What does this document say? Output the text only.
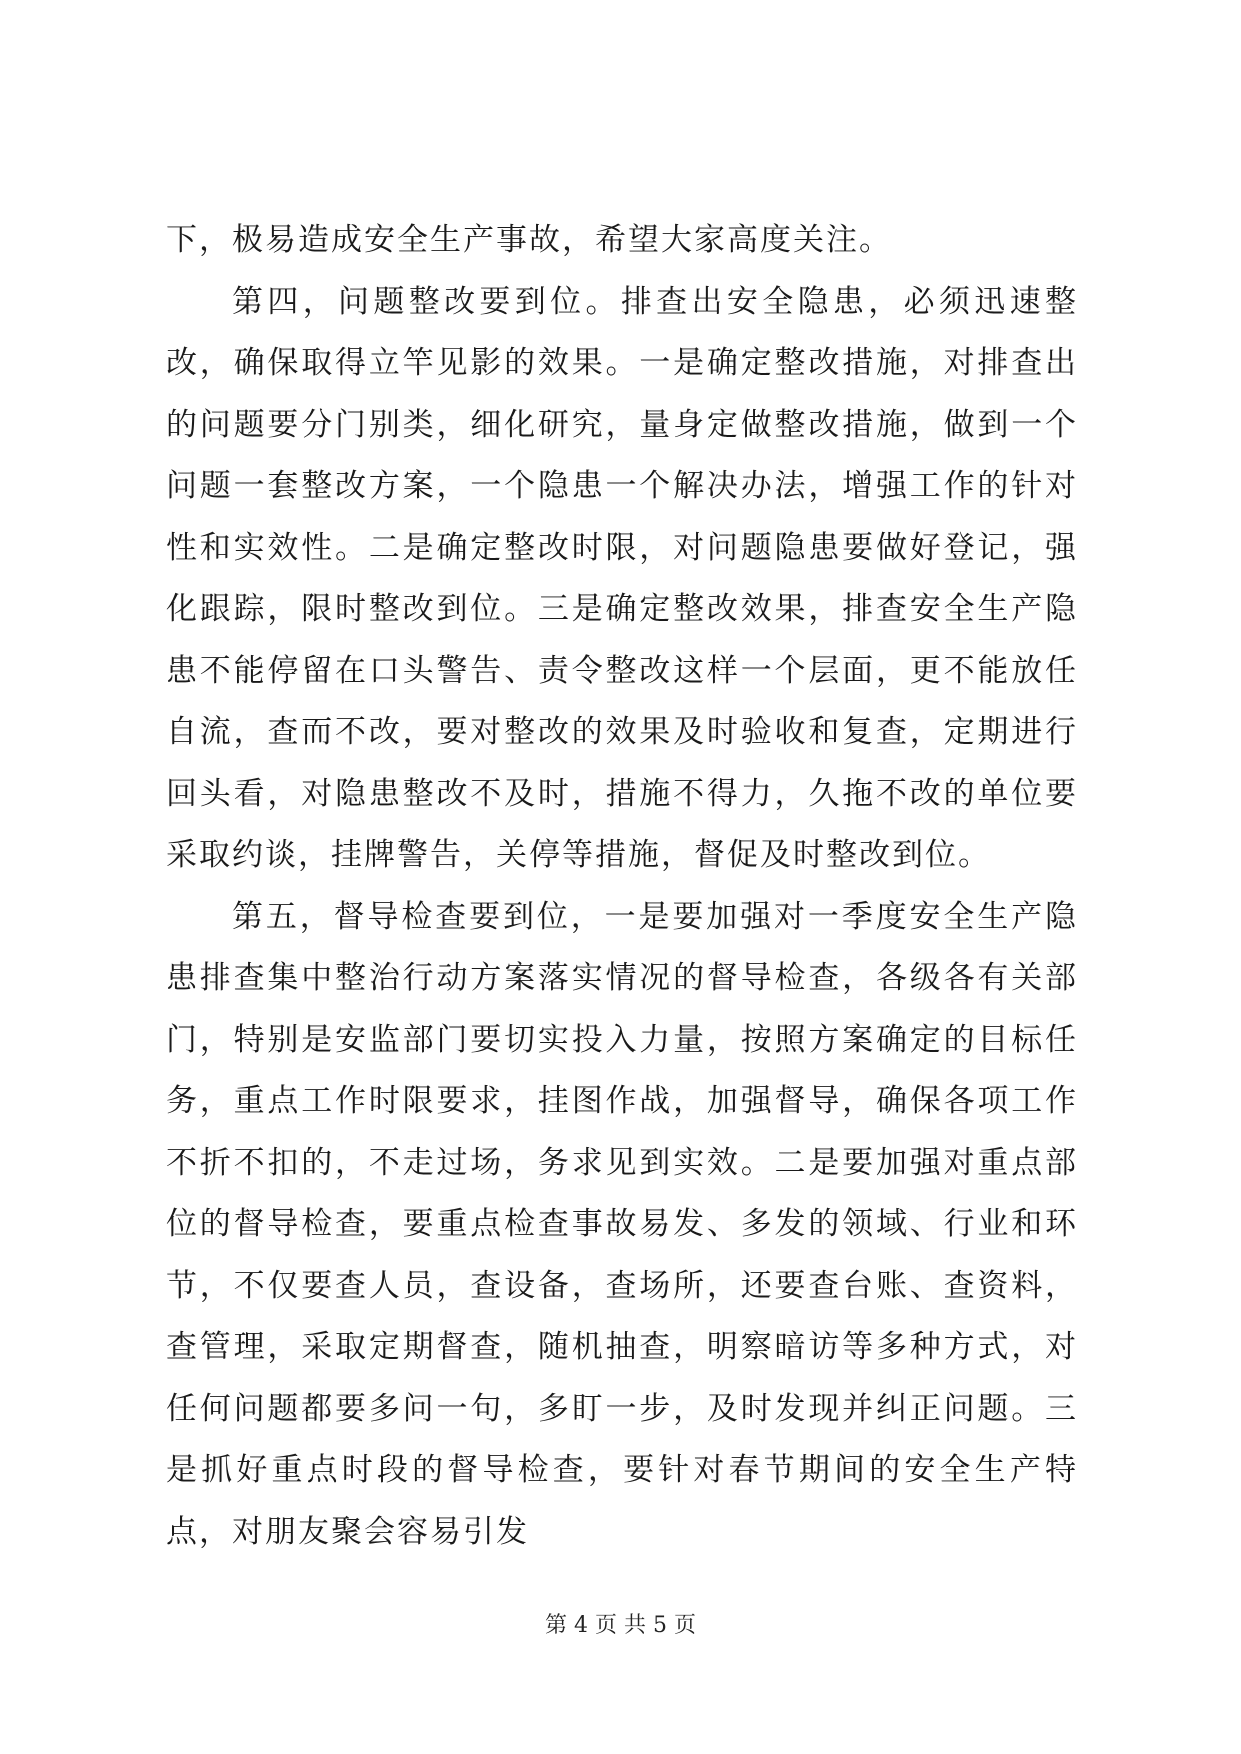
下，极易造成安全生产事故，希望大家高度关注。

第四，问题整改要到位。排查出安全隐患，必须迅速整改，确保取得立竿见影的效果。一是确定整改措施，对排查出的问题要分门别类，细化研究，量身定做整改措施，做到一个问题一套整改方案，一个隐患一个解决办法，增强工作的针对性和实效性。二是确定整改时限，对问题隐患要做好登记，强化跟踪，限时整改到位。三是确定整改效果，排查安全生产隐患不能停留在口头警告、责令整改这样一个层面，更不能放任自流，查而不改，要对整改的效果及时验收和复查，定期进行回头看，对隐患整改不及时，措施不得力，久拖不改的单位要采取约谈，挂牌警告，关停等措施，督促及时整改到位。

第五，督导检查要到位，一是要加强对一季度安全生产隐患排查集中整治行动方案落实情况的督导检查，各级各有关部门，特别是安监部门要切实投入力量，按照方案确定的目标任务，重点工作时限要求，挂图作战，加强督导，确保各项工作不折不扣的，不走过场，务求见到实效。二是要加强对重点部位的督导检查，要重点检查事故易发、多发的领域、行业和环节，不仅要查人员，查设备，查场所，还要查台账、查资料，查管理，采取定期督查，随机抽查，明察暗访等多种方式，对任何问题都要多问一句，多盯一步，及时发现并纠正问题。三是抓好重点时段的督导检查，要针对春节期间的安全生产特点，对朋友聚会容易引发

第 4 页 共 5 页
